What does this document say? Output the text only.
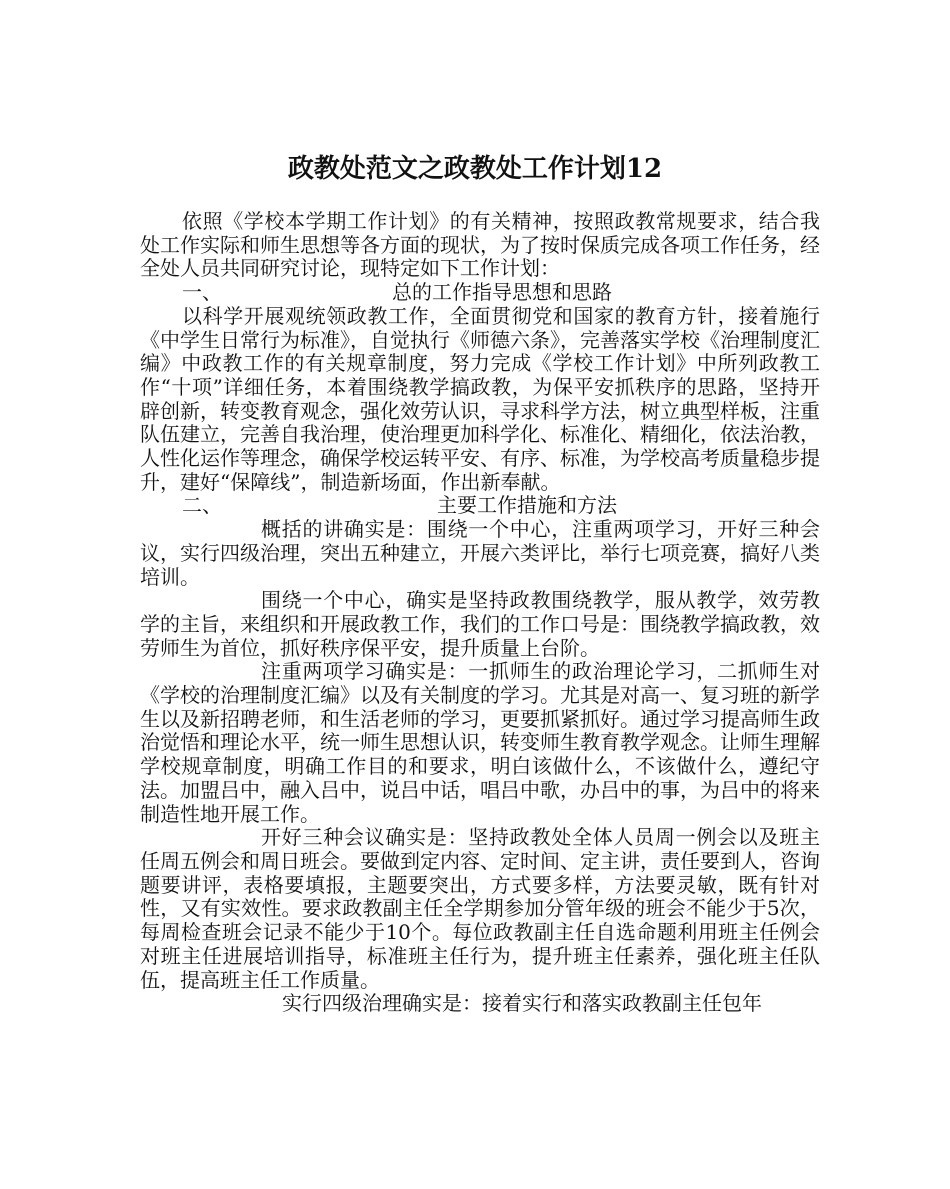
政教处范文之政教处工作计划12

依照《学校本学期工作计划》的有关精神，按照政教常规要求，结合我处工作实际和师生思想等各方面的现状，为了按时保质完成各项工作任务，经全处人员共同研究讨论，现特定如下工作计划：

一、	总的工作指导思想和思路

以科学开展观统领政教工作，全面贯彻党和国家的教育方针，接着施行《中学生日常行为标准》，自觉执行《师德六条》，完善落实学校《治理制度汇编》中政教工作的有关规章制度，努力完成《学校工作计划》中所列政教工作“十项”详细任务，本着围绕教学搞政教，为保平安抓秩序的思路，坚持开辟创新，转变教育观念，强化效劳认识，寻求科学方法，树立典型样板，注重队伍建立，完善自我治理，使治理更加科学化、标准化、精细化，依法治教，人性化运作等理念，确保学校运转平安、有序、标准，为学校高考质量稳步提升，建好“保障线”，制造新场面，作出新奉献。

二、	主要工作措施和方法

概括的讲确实是：围绕一个中心，注重两项学习，开好三种会议，实行四级治理，突出五种建立，开展六类评比，举行七项竞赛，搞好八类培训。

围绕一个中心，确实是坚持政教围绕教学，服从教学，效劳教学的主旨，来组织和开展政教工作，我们的工作口号是：围绕教学搞政教，效劳师生为首位，抓好秩序保平安，提升质量上台阶。

注重两项学习确实是：一抓师生的政治理论学习，二抓师生对《学校的治理制度汇编》以及有关制度的学习。尤其是对高一、复习班的新学生以及新招聘老师，和生活老师的学习，更要抓紧抓好。通过学习提高师生政治觉悟和理论水平，统一师生思想认识，转变师生教育教学观念。让师生理解学校规章制度，明确工作目的和要求，明白该做什么，不该做什么，遵纪守法。加盟吕中，融入吕中，说吕中话，唱吕中歌，办吕中的事，为吕中的将来制造性地开展工作。

开好三种会议确实是：坚持政教处全体人员周一例会以及班主任周五例会和周日班会。要做到定内容、定时间、定主讲，责任要到人，咨询题要讲评，表格要填报，主题要突出，方式要多样，方法要灵敏，既有针对性，又有实效性。要求政教副主任全学期参加分管年级的班会不能少于5次，每周检查班会记录不能少于10个。每位政教副主任自选命题利用班主任例会对班主任进展培训指导，标准班主任行为，提升班主任素养，强化班主任队伍，提高班主任工作质量。

实行四级治理确实是：接着实行和落实政教副主任包年
